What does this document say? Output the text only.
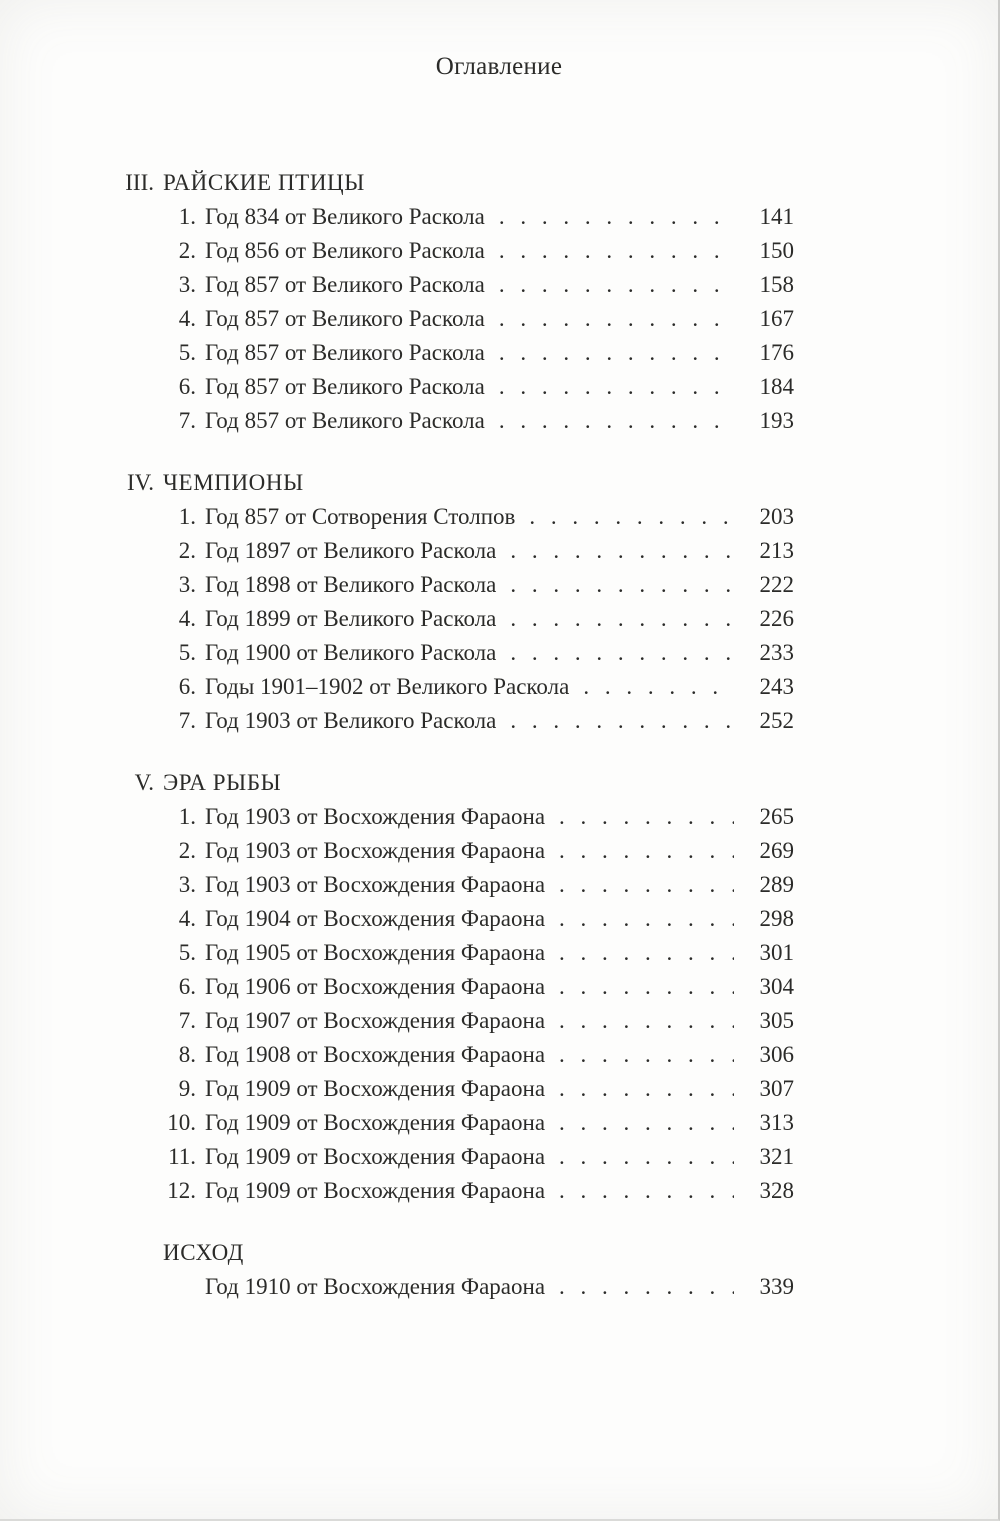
Оглавление
III. РАЙСКИЕ ПТИЦЫ
1. Год 834 от Великого Раскола . . .	141
2. Год 856 от Великого Раскола . . .	150
3. Год 857 от Великого Раскола . . .	158
4. Год 857 от Великого Раскола . . .	167
5. Год 857 от Великого Раскола . . .	176
6. Год 857 от Великого Раскола . . .	184
7. Год 857 от Великого Раскола . . .	193
IV. ЧЕМПИОНЫ
1. Год 857 от Сотворения Столпов . . .	203
2. Год 1897 от Великого Раскола . . .	213
3. Год 1898 от Великого Раскола . . .	222
4. Год 1899 от Великого Раскола . . .	226
5. Год 1900 от Великого Раскола . . .	233
6. Годы 1901–1902 от Великого Раскола . . .	243
7. Год 1903 от Великого Раскола . . .	252
V. ЭРА РЫБЫ
1. Год 1903 от Восхождения Фараона . . .	265
2. Год 1903 от Восхождения Фараона . . .	269
3. Год 1903 от Восхождения Фараона . . .	289
4. Год 1904 от Восхождения Фараона . . .	298
5. Год 1905 от Восхождения Фараона . . .	301
6. Год 1906 от Восхождения Фараона . . .	304
7. Год 1907 от Восхождения Фараона . . .	305
8. Год 1908 от Восхождения Фараона . . .	306
9. Год 1909 от Восхождения Фараона . . .	307
10. Год 1909 от Восхождения Фараона . . .	313
11. Год 1909 от Восхождения Фараона . . .	321
12. Год 1909 от Восхождения Фараона . . .	328
ИСХОД
Год 1910 от Восхождения Фараона . . .	339
